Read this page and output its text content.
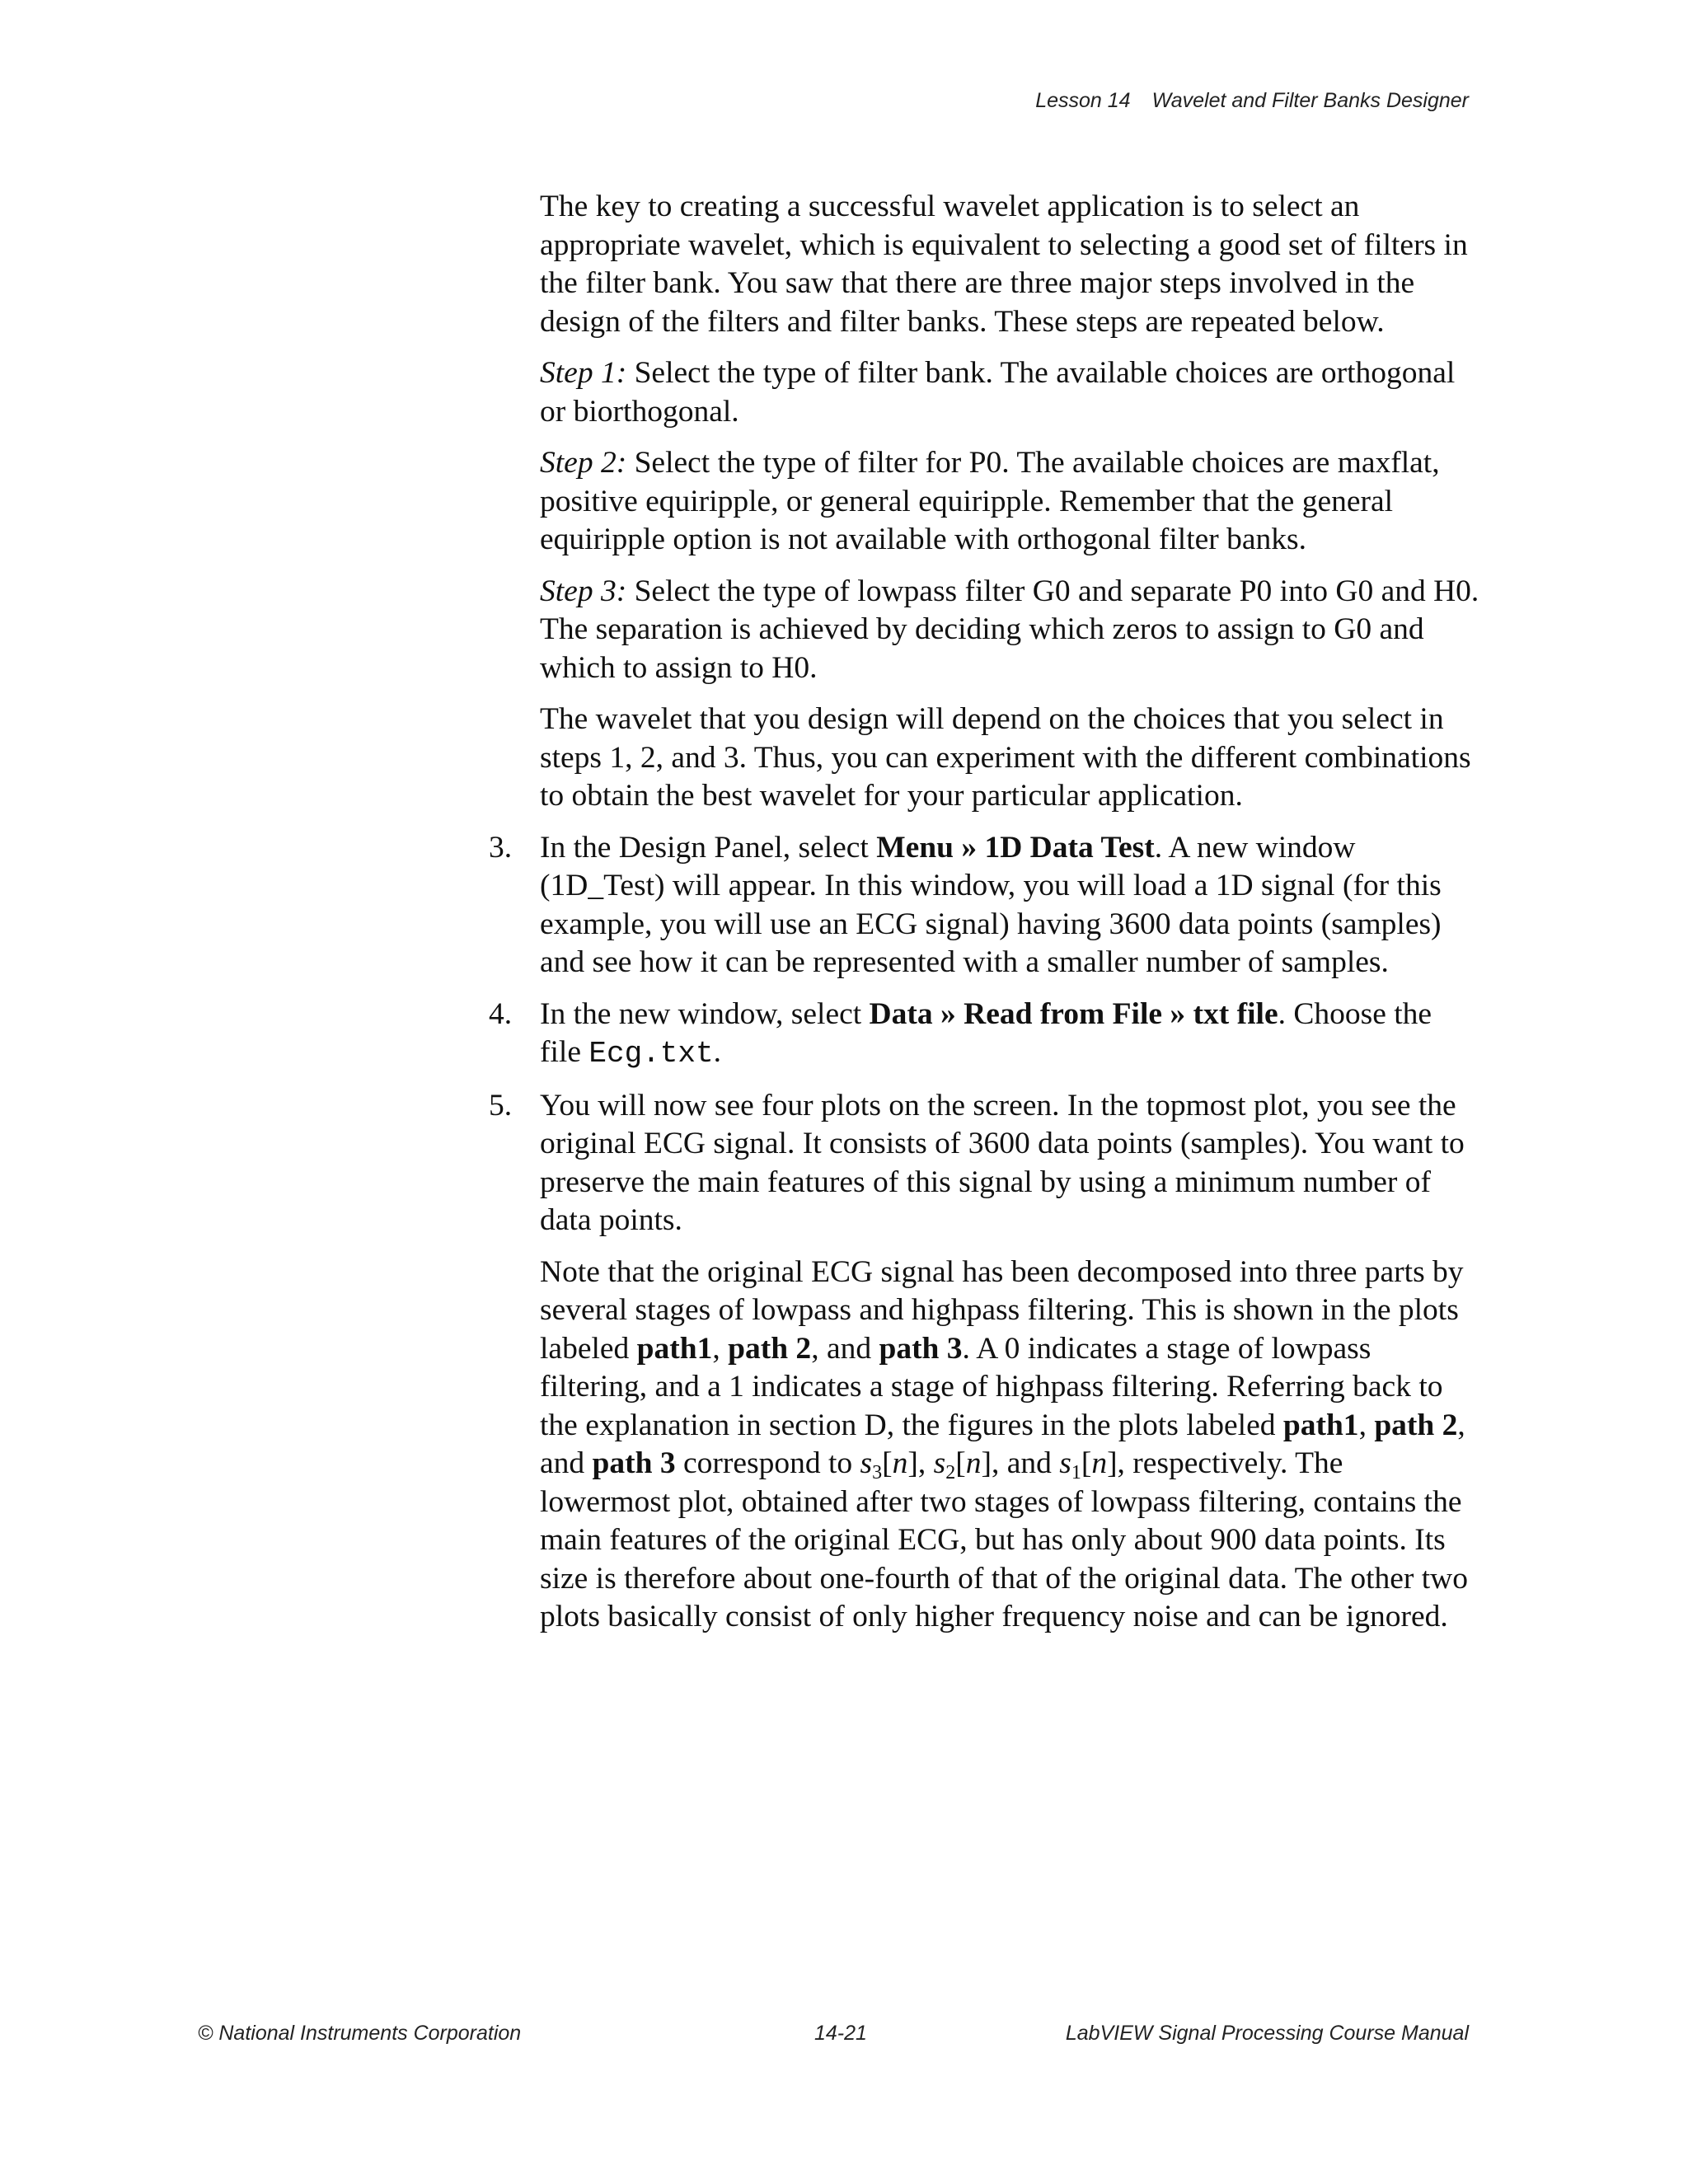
Lesson 14 Wavelet and Filter Banks Designer

The key to creating a successful wavelet application is to select an appropriate wavelet, which is equivalent to selecting a good set of filters in the filter bank. You saw that there are three major steps involved in the design of the filters and filter banks. These steps are repeated below.

Step 1: Select the type of filter bank. The available choices are orthogonal or biorthogonal.

Step 2: Select the type of filter for P0. The available choices are maxflat, positive equiripple, or general equiripple. Remember that the general equiripple option is not available with orthogonal filter banks.

Step 3: Select the type of lowpass filter G0 and separate P0 into G0 and H0. The separation is achieved by deciding which zeros to assign to G0 and which to assign to H0.

The wavelet that you design will depend on the choices that you select in steps 1, 2, and 3. Thus, you can experiment with the different combinations to obtain the best wavelet for your particular application.

3. In the Design Panel, select Menu » 1D Data Test. A new window (1D_Test) will appear. In this window, you will load a 1D signal (for this example, you will use an ECG signal) having 3600 data points (samples) and see how it can be represented with a smaller number of samples.

4. In the new window, select Data » Read from File » txt file. Choose the file Ecg.txt.

5. You will now see four plots on the screen. In the topmost plot, you see the original ECG signal. It consists of 3600 data points (samples). You want to preserve the main features of this signal by using a minimum number of data points.

Note that the original ECG signal has been decomposed into three parts by several stages of lowpass and highpass filtering. This is shown in the plots labeled path1, path 2, and path 3. A 0 indicates a stage of lowpass filtering, and a 1 indicates a stage of highpass filtering. Referring back to the explanation in section D, the figures in the plots labeled path1, path 2, and path 3 correspond to $s_3[n]$, $s_2[n]$, and $s_1[n]$, respectively. The lowermost plot, obtained after two stages of lowpass filtering, contains the main features of the original ECG, but has only about 900 data points. Its size is therefore about one-fourth of that of the original data. The other two plots basically consist of only higher frequency noise and can be ignored.

© National Instruments Corporation	14-21	LabVIEW Signal Processing Course Manual
